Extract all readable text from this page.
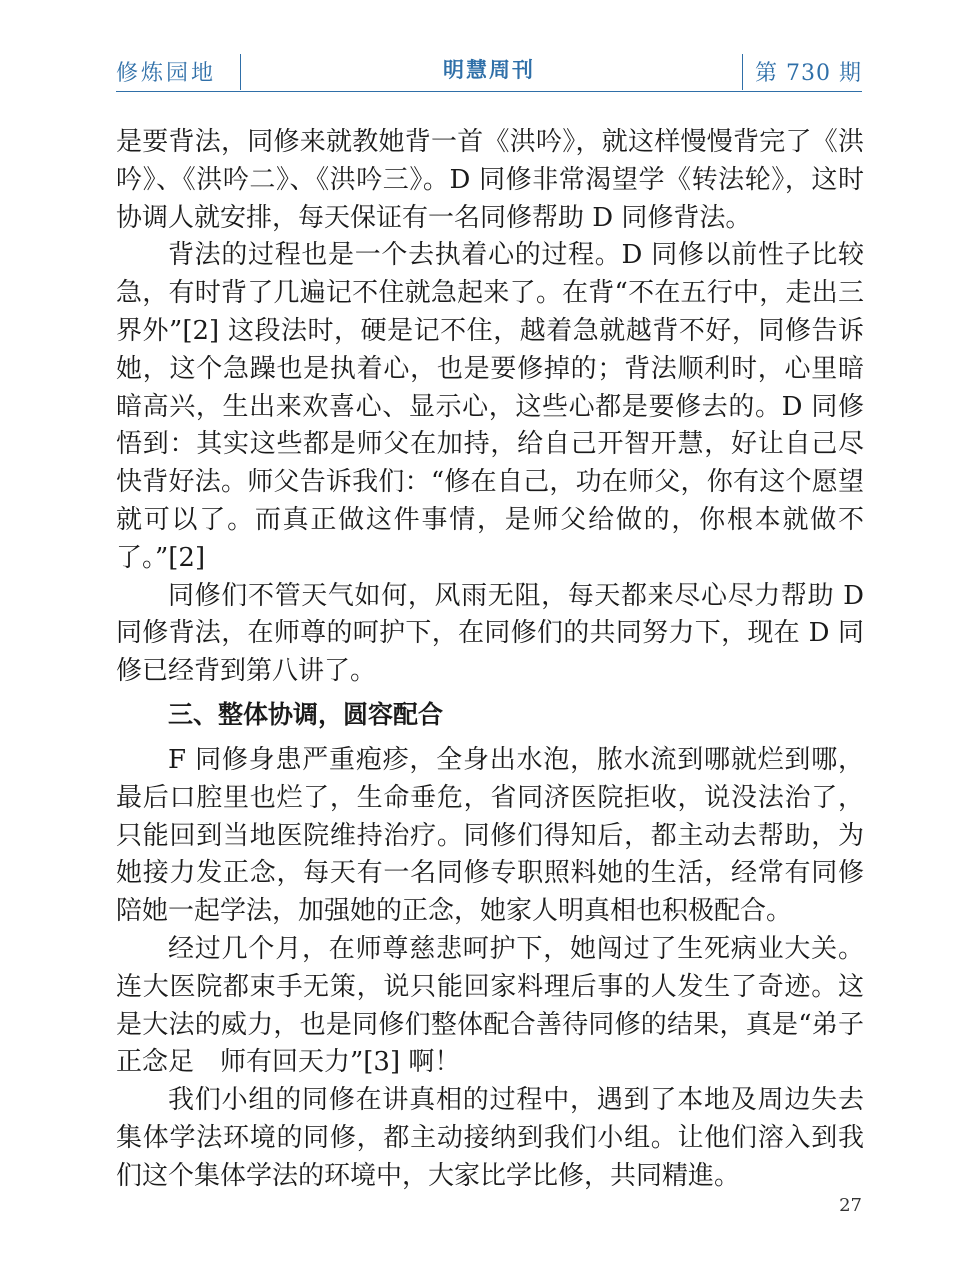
修炼园地	明慧周刊	第 730 期

是要背法，同修来就教她背一首《洪吟》，就这样慢慢背完了《洪吟》、《洪吟二》、《洪吟三》。D 同修非常渴望学《转法轮》，这时协调人就安排，每天保证有一名同修帮助 D 同修背法。

背法的过程也是一个去执着心的过程。D 同修以前性子比较急，有时背了几遍记不住就急起来了。在背“不在五行中，走出三界外”[2] 这段法时，硬是记不住，越着急就越背不好，同修告诉她，这个急躁也是执着心，也是要修掉的；背法顺利时，心里暗暗高兴，生出来欢喜心、显示心，这些心都是要修去的。D 同修悟到：其实这些都是师父在加持，给自己开智开慧，好让自己尽快背好法。师父告诉我们：“修在自己，功在师父，你有这个愿望就可以了。而真正做这件事情，是师父给做的，你根本就做不了。”[2]

同修们不管天气如何，风雨无阻，每天都来尽心尽力帮助 D 同修背法，在师尊的呵护下，在同修们的共同努力下，现在 D 同修已经背到第八讲了。

三、整体协调，圆容配合

F 同修身患严重疱疹，全身出水泡，脓水流到哪就烂到哪，最后口腔里也烂了，生命垂危，省同济医院拒收，说没法治了，只能回到当地医院维持治疗。同修们得知后，都主动去帮助，为她接力发正念，每天有一名同修专职照料她的生活，经常有同修陪她一起学法，加强她的正念，她家人明真相也积极配合。

经过几个月，在师尊慈悲呵护下，她闯过了生死病业大关。连大医院都束手无策，说只能回家料理后事的人发生了奇迹。这是大法的威力，也是同修们整体配合善待同修的结果，真是“弟子正念足　师有回天力”[3] 啊！

我们小组的同修在讲真相的过程中，遇到了本地及周边失去集体学法环境的同修，都主动接纳到我们小组。让他们溶入到我们这个集体学法的环境中，大家比学比修，共同精進。

27
